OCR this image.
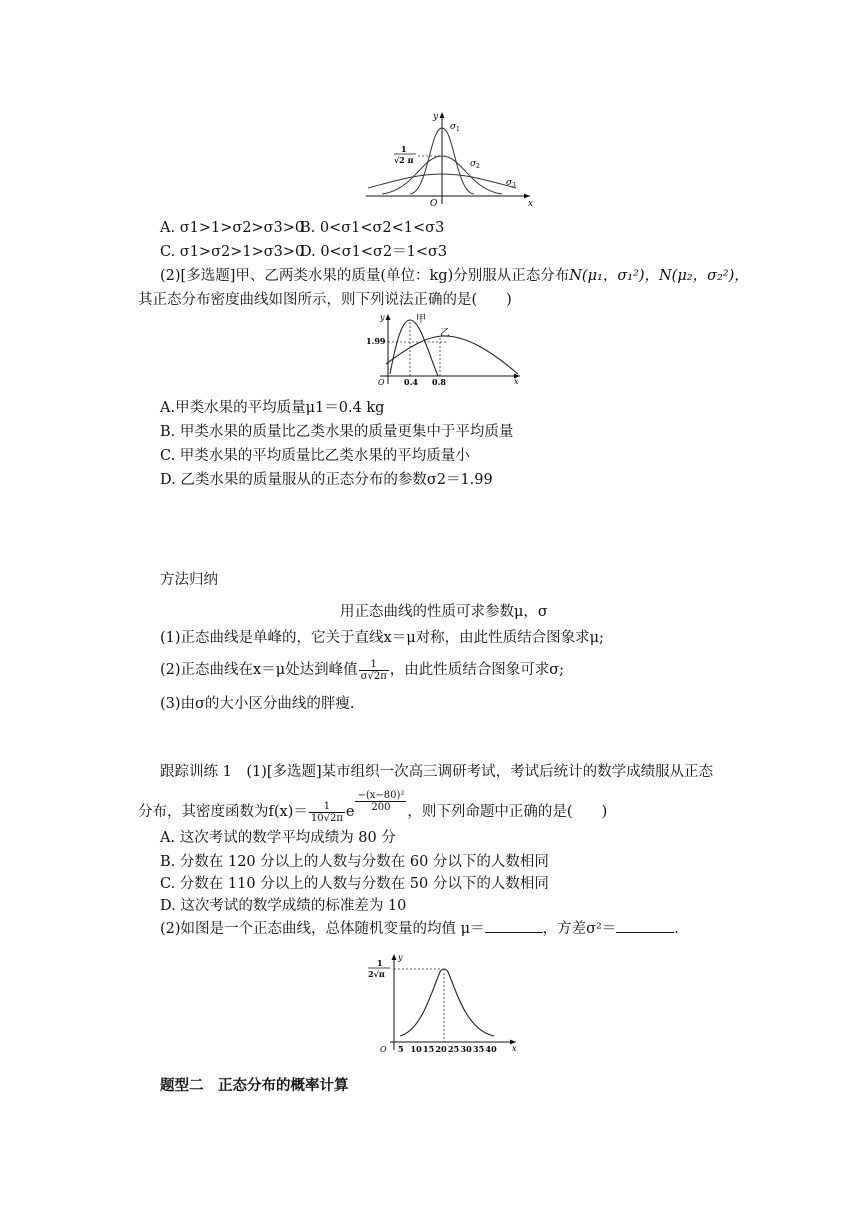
y
x
O
1
√2 π
σ 1
σ 2
σ 3
A. σ1>1>σ2>σ3>0
B. 0<σ1<σ2<1<σ3
C. σ1>σ2>1>σ3>0
D. 0<σ1<σ2＝1<σ3
(2)[多选题]甲、乙两类水果的质量(单位：kg)分别服从正态分布N(μ₁，σ₁²)，N(μ₂，σ₂²)，
其正态分布密度曲线如图所示，则下列说法正确的是(　　)
y
x
O
1.99
0.4 0.8
甲
乙
A.甲类水果的平均质量μ1＝0.4 kg
B. 甲类水果的质量比乙类水果的质量更集中于平均质量
C. 甲类水果的平均质量比乙类水果的平均质量小
D. 乙类水果的质量服从的正态分布的参数σ2＝1.99
方法归纳
用正态曲线的性质可求参数μ，σ
(1)正态曲线是单峰的，它关于直线x＝μ对称，由此性质结合图象求μ;
(2)正态曲线在x＝μ处达到峰值 $\frac{1}{\sigma√2\pi}$ ，由此性质结合图象可求σ;
(3)由σ的大小区分曲线的胖瘦.
跟踪训练 1　(1)[多选题]某市组织一次高三调研考试，考试后统计的数学成绩服从正态
分布，其密度函数为$f(x)= \frac{1}{10√2\pi}$ e $\frac{\text{−(x−80)²}}{200}$ ，则下列命题中正确的是(　　)
A. 这次考试的数学平均成绩为 80 分
B. 分数在 120 分以上的人数与分数在 60 分以下的人数相同
C. 分数在 110 分以上的人数与分数在 50 分以下的人数相同
D. 这次考试的数学成绩的标准差为 10
(2)如图是一个正态曲线，总体随机变量的均值 μ＝	，方差σ²＝	.
y
x
O
1
2√π
5 10 15 20 25 30 35 40
题型二　正态分布的概率计算
